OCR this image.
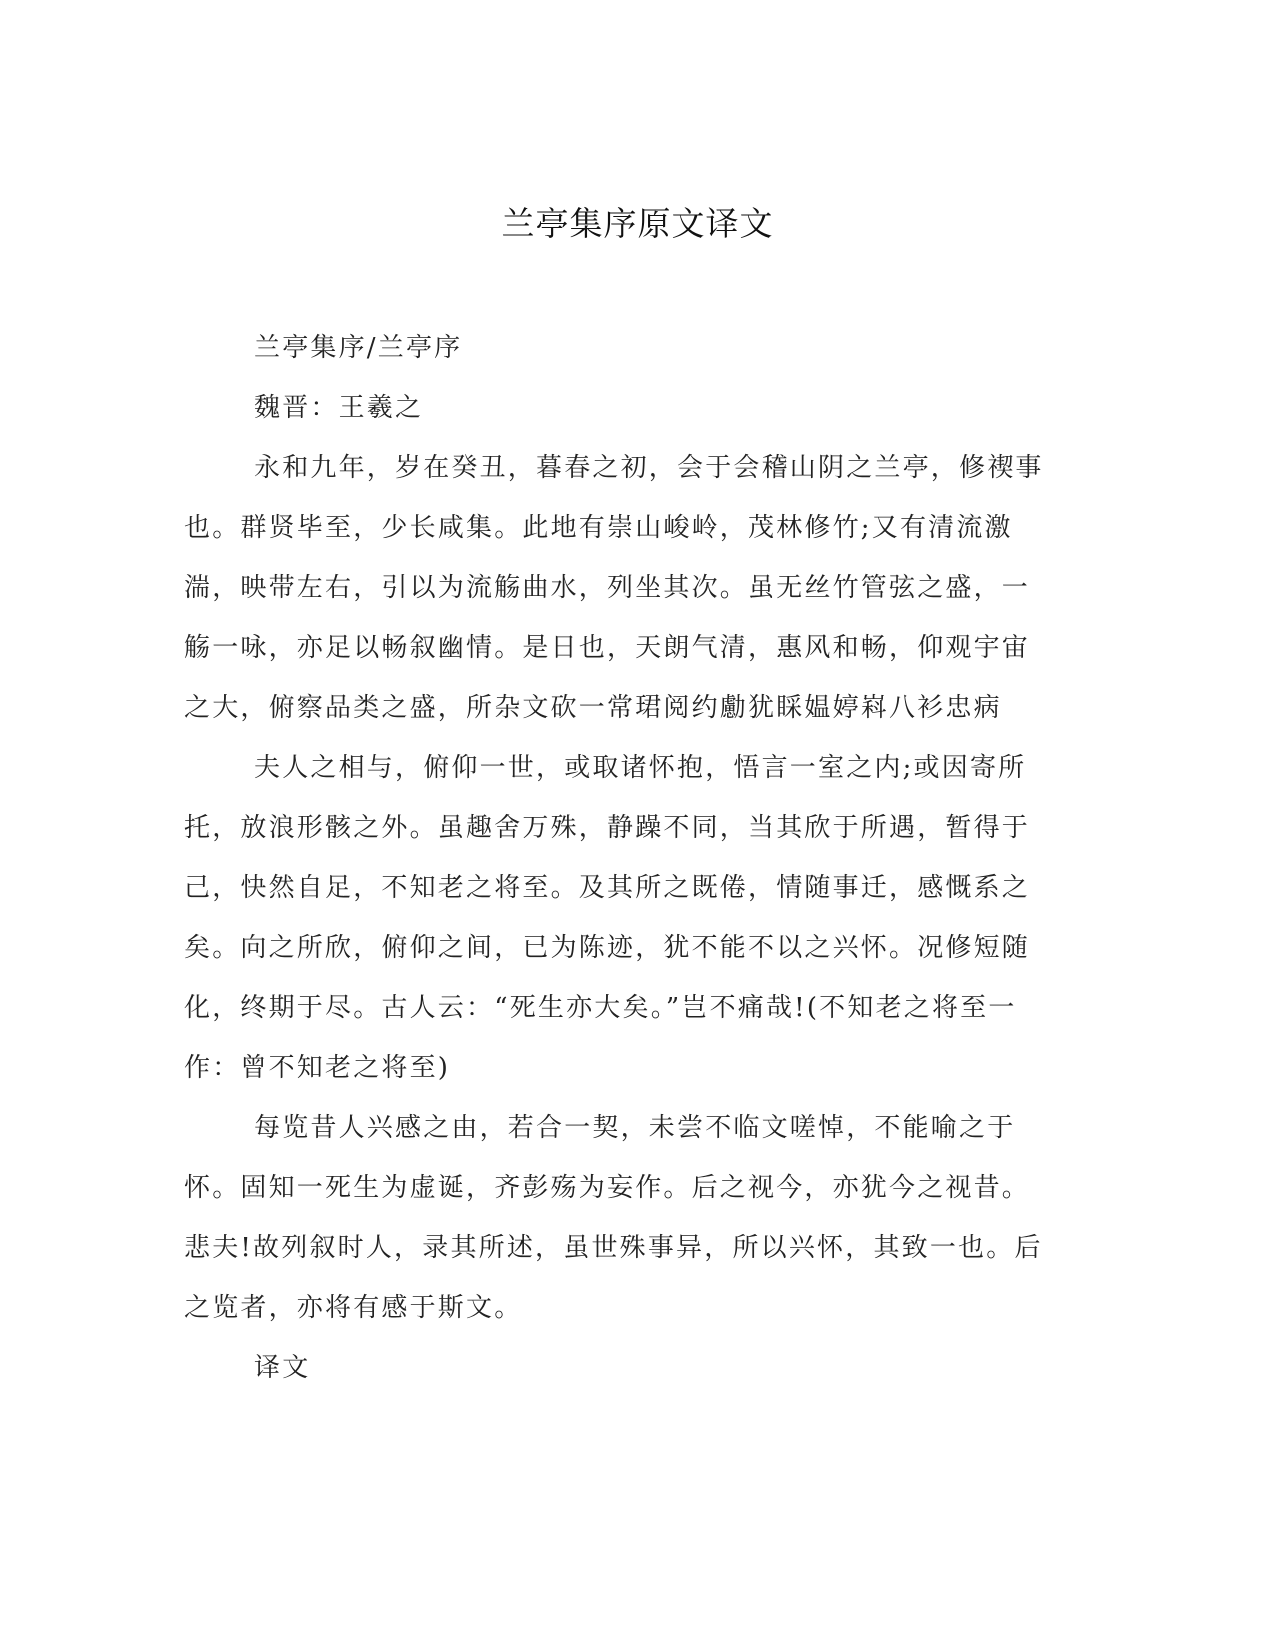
兰亭集序原文译文

兰亭集序/兰亭序

魏晋：王羲之

永和九年，岁在癸丑，暮春之初，会于会稽山阴之兰亭，修禊事也。群贤毕至，少长咸集。此地有崇山峻岭，茂林修竹;又有清流激湍，映带左右，引以为流觞曲水，列坐其次。虽无丝竹管弦之盛，一觞一咏，亦足以畅叙幽情。是日也，天朗气清，惠风和畅，仰观宇宙之大，俯察品类之盛，所杂文砍一常珺阅约勴犹睬媪婷嵙八衫忠病

夫人之相与，俯仰一世，或取诸怀抱，悟言一室之内;或因寄所托，放浪形骸之外。虽趣舍万殊，静躁不同，当其欣于所遇，暂得于己，快然自足，不知老之将至。及其所之既倦，情随事迁，感慨系之矣。向之所欣，俯仰之间，已为陈迹，犹不能不以之兴怀。况修短随化，终期于尽。古人云：“死生亦大矣。”岂不痛哉!(不知老之将至一作：曾不知老之将至)

每览昔人兴感之由，若合一契，未尝不临文嗟悼，不能喻之于怀。固知一死生为虚诞，齐彭殇为妄作。后之视今，亦犹今之视昔。悲夫!故列叙时人，录其所述，虽世殊事异，所以兴怀，其致一也。后之览者，亦将有感于斯文。

译文
